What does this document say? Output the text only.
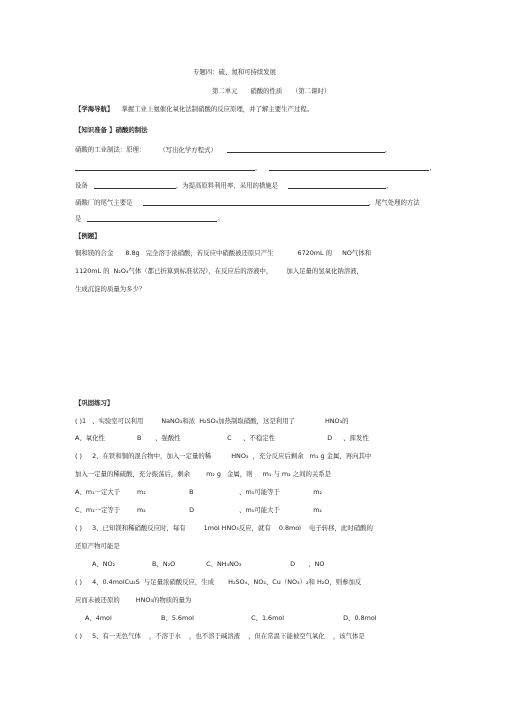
专题四：硫、氮和可持续发展
第二单元　　硝酸的性质　　（第二课时）
【学海导航】 掌握工业上氨催化氧化法制硝酸的反应原理，并了解主要生产过程。
【知识准备 】硝酸的制法
硝酸的工业制法：原理： （写出化学方程式）	，
，	，
设备	，为提高原料利用率，采用的措施是	，
硝酸厂的尾气主要是	，尾气处理的方法
是	。
【例题】
铜和镁的合金 8.8g 完全溶于浓硝酸，若反应中硝酸被还原只产生	6720mL 的 NO气体和
1120mL 的 N₂O₄气体（都已折算到标准状况），在反应后的溶液中， 加入足量的氢氧化钠溶液，
生成沉淀的质量为多少？
【巩固练习】
( )1 、实验室可以利用	NaNO₃和浓 H₂SO₄加热制取硝酸，这是利用了	HNO₃的
A、氧化性	B 、强酸性	C 、不稳定性	D 、挥发性
( ) 2、在铁和铜的混合物中，加入一定量的稀	HNO₃ ，充分反应后剩余 m₁ g 金属，再向其中
加入一定量的稀硫酸，充分振荡后，剩余	m₂ g 金属，则 m₁ 与 m₂ 之间的关系是
A、m₁一定大于	m₂	B	、m₁可能等于	m₂
C、m₁一定等于	m₂	D	、m₁可能大于	m₂
( ) 3、已知镁和稀硝酸反应时，每有	1mol HNO₃反应，就有 0.8mol 电子转移，此时硝酸的
还原产物可能是
A、NO₂	B、N₂O	C、NH₄NO₃	D 、NO
( ) 4、0.4molCu₂S 与足量浓硝酸反应，生成 H₂SO₄、NO₂、Cu（NO₃）₂和 H₂O，则参加反
应而未被还原的	HNO₃的物质的量为
A、4mol	B、5.6mol	C、1.6mol	D、0.8mol
( ) 5、有一无色气体 ，不溶于水 ，也不溶于碱溶液 ，但在常温下能被空气氧化 ，该气体是
